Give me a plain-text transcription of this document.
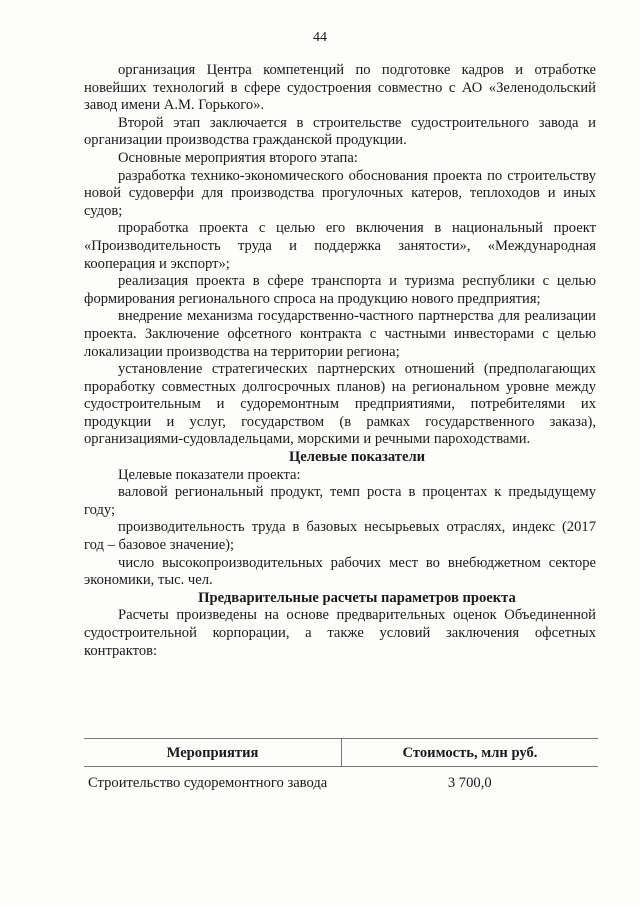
44

организация Центра компетенций по подготовке кадров и отработке новейших технологий в сфере судостроения совместно с АО «Зеленодольский завод имени А.М. Горького».

Второй этап заключается в строительстве судостроительного завода и организации производства гражданской продукции.

Основные мероприятия второго этапа:

разработка технико-экономического обоснования проекта по строительству новой судоверфи для производства прогулочных катеров, теплоходов и иных судов;

проработка проекта с целью его включения в национальный проект «Производительность труда и поддержка занятости», «Международная кооперация и экспорт»;

реализация проекта в сфере транспорта и туризма республики с целью формирования регионального спроса на продукцию нового предприятия;

внедрение механизма государственно-частного партнерства для реализации проекта. Заключение офсетного контракта с частными инвесторами с целью локализации производства на территории региона;

установление стратегических партнерских отношений (предполагающих проработку совместных долгосрочных планов) на региональном уровне между судостроительным и судоремонтным предприятиями, потребителями их продукции и услуг, государством (в рамках государственного заказа), организациями-судовладельцами, морскими и речными пароходствами.

Целевые показатели

Целевые показатели проекта:

валовой региональный продукт, темп роста в процентах к предыдущему году;

производительность труда в базовых несырьевых отраслях, индекс (2017 год – базовое значение);

число высокопроизводительных рабочих мест во внебюджетном секторе экономики, тыс. чел.

Предварительные расчеты параметров проекта

Расчеты произведены на основе предварительных оценок Объединенной судостроительной корпорации, а также условий заключения офсетных контрактов:

Мероприятия	Стоимость, млн руб.
Строительство судоремонтного завода	3 700,0
